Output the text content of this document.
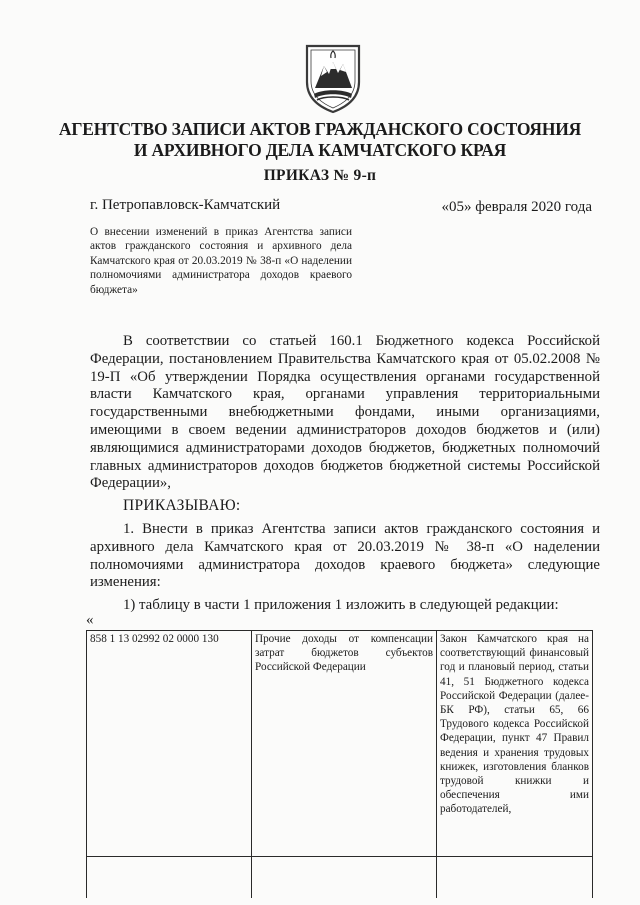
АГЕНТСТВО ЗАПИСИ АКТОВ ГРАЖДАНСКОГО СОСТОЯНИЯ
И АРХИВНОГО ДЕЛА КАМЧАТСКОГО КРАЯ
ПРИКАЗ № 9-п
г. Петропавловск-Камчатский	«05» февраля 2020 года
О внесении изменений в приказ Агентства записи актов гражданского состояния и архивного дела Камчатского края от 20.03.2019 № 38-п «О наделении полномочиями администратора доходов краевого бюджета»
В соответствии со статьей 160.1 Бюджетного кодекса Российской Федерации, постановлением Правительства Камчатского края от 05.02.2008 № 19-П «Об утверждении Порядка осуществления органами государственной власти Камчатского края, органами управления территориальными государственными внебюджетными фондами, иными организациями, имеющими в своем ведении администраторов доходов бюджетов и (или) являющимися администраторами доходов бюджетов, бюджетных полномочий главных администраторов доходов бюджетов бюджетной системы Российской Федерации»,
ПРИКАЗЫВАЮ:
1. Внести в приказ Агентства записи актов гражданского состояния и архивного дела Камчатского края от 20.03.2019 № 38-п «О наделении полномочиями администратора доходов краевого бюджета» следующие изменения:
1) таблицу в части 1 приложения 1 изложить в следующей редакции:
«
858 1 13 02992 02 0000 130	Прочие доходы от компенсации затрат бюджетов субъектов Российской Федерации	Закон Камчатского края на соответствующий финансовый год и плановый период, статьи 41, 51 Бюджетного кодекса Российской Федерации (далее- БК РФ), статьи 65, 66 Трудового кодекса Российской Федерации, пункт 47 Правил ведения и хранения трудовых книжек, изготовления бланков трудовой книжки и обеспечения ими работодателей,
